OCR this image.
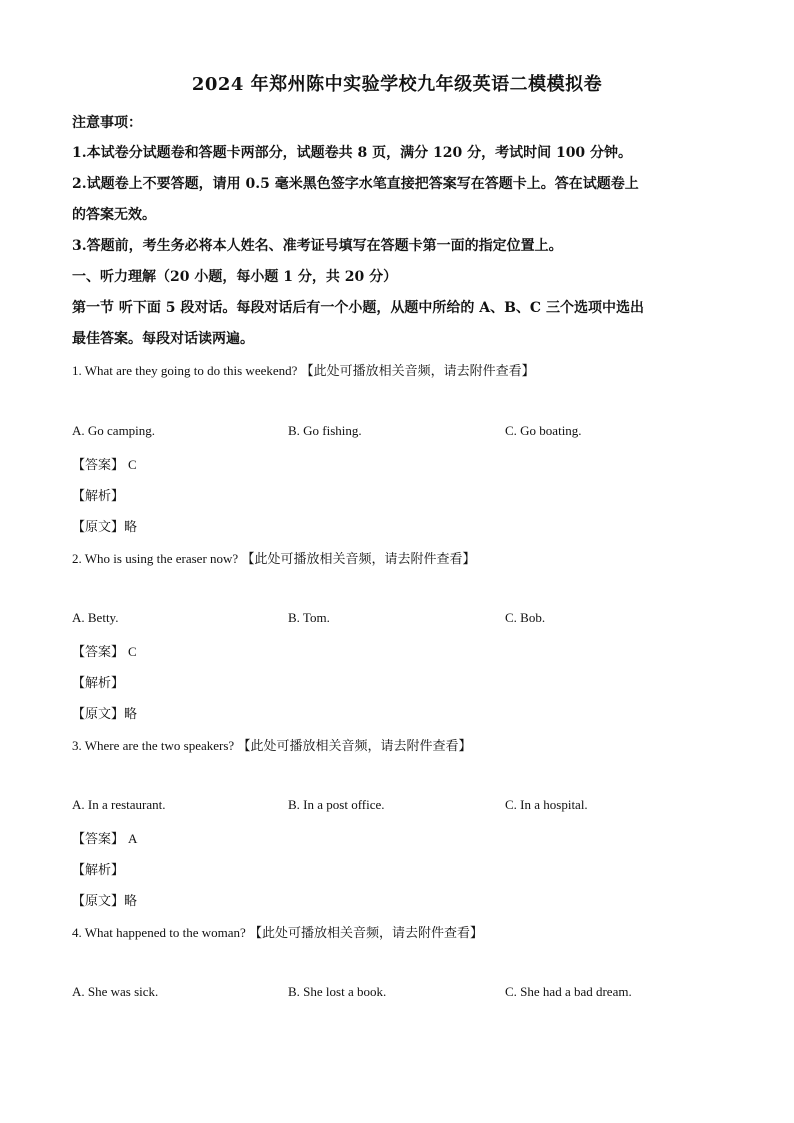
2024 年郑州陈中实验学校九年级英语二模模拟卷
注意事项：
1.本试卷分试题卷和答题卡两部分，试题卷共 8 页，满分 120 分，考试时间 100 分钟。
2.试题卷上不要答题，请用 0.5 毫米黑色签字水笔直接把答案写在答题卡上。答在试题卷上
的答案无效。
3.答题前，考生务必将本人姓名、准考证号填写在答题卡第一面的指定位置上。
一、听力理解（20 小题，每小题 1 分，共 20 分）
第一节 听下面 5 段对话。每段对话后有一个小题，从题中所给的 A、B、C 三个选项中选出
最佳答案。每段对话读两遍。
1. What are they going to do this weekend? 【此处可播放相关音频，请去附件查看】
A. Go camping.	B. Go fishing.	C. Go boating.
【答案】 C
【解析】
【原文】略
2. Who is using the eraser now? 【此处可播放相关音频，请去附件查看】
A. Betty.	B. Tom.	C. Bob.
【答案】 C
【解析】
【原文】略
3. Where are the two speakers? 【此处可播放相关音频，请去附件查看】
A. In a restaurant.	B. In a post office.	C. In a hospital.
【答案】 A
【解析】
【原文】略
4. What happened to the woman? 【此处可播放相关音频，请去附件查看】
A. She was sick.	B. She lost a book.	C. She had a bad dream.
